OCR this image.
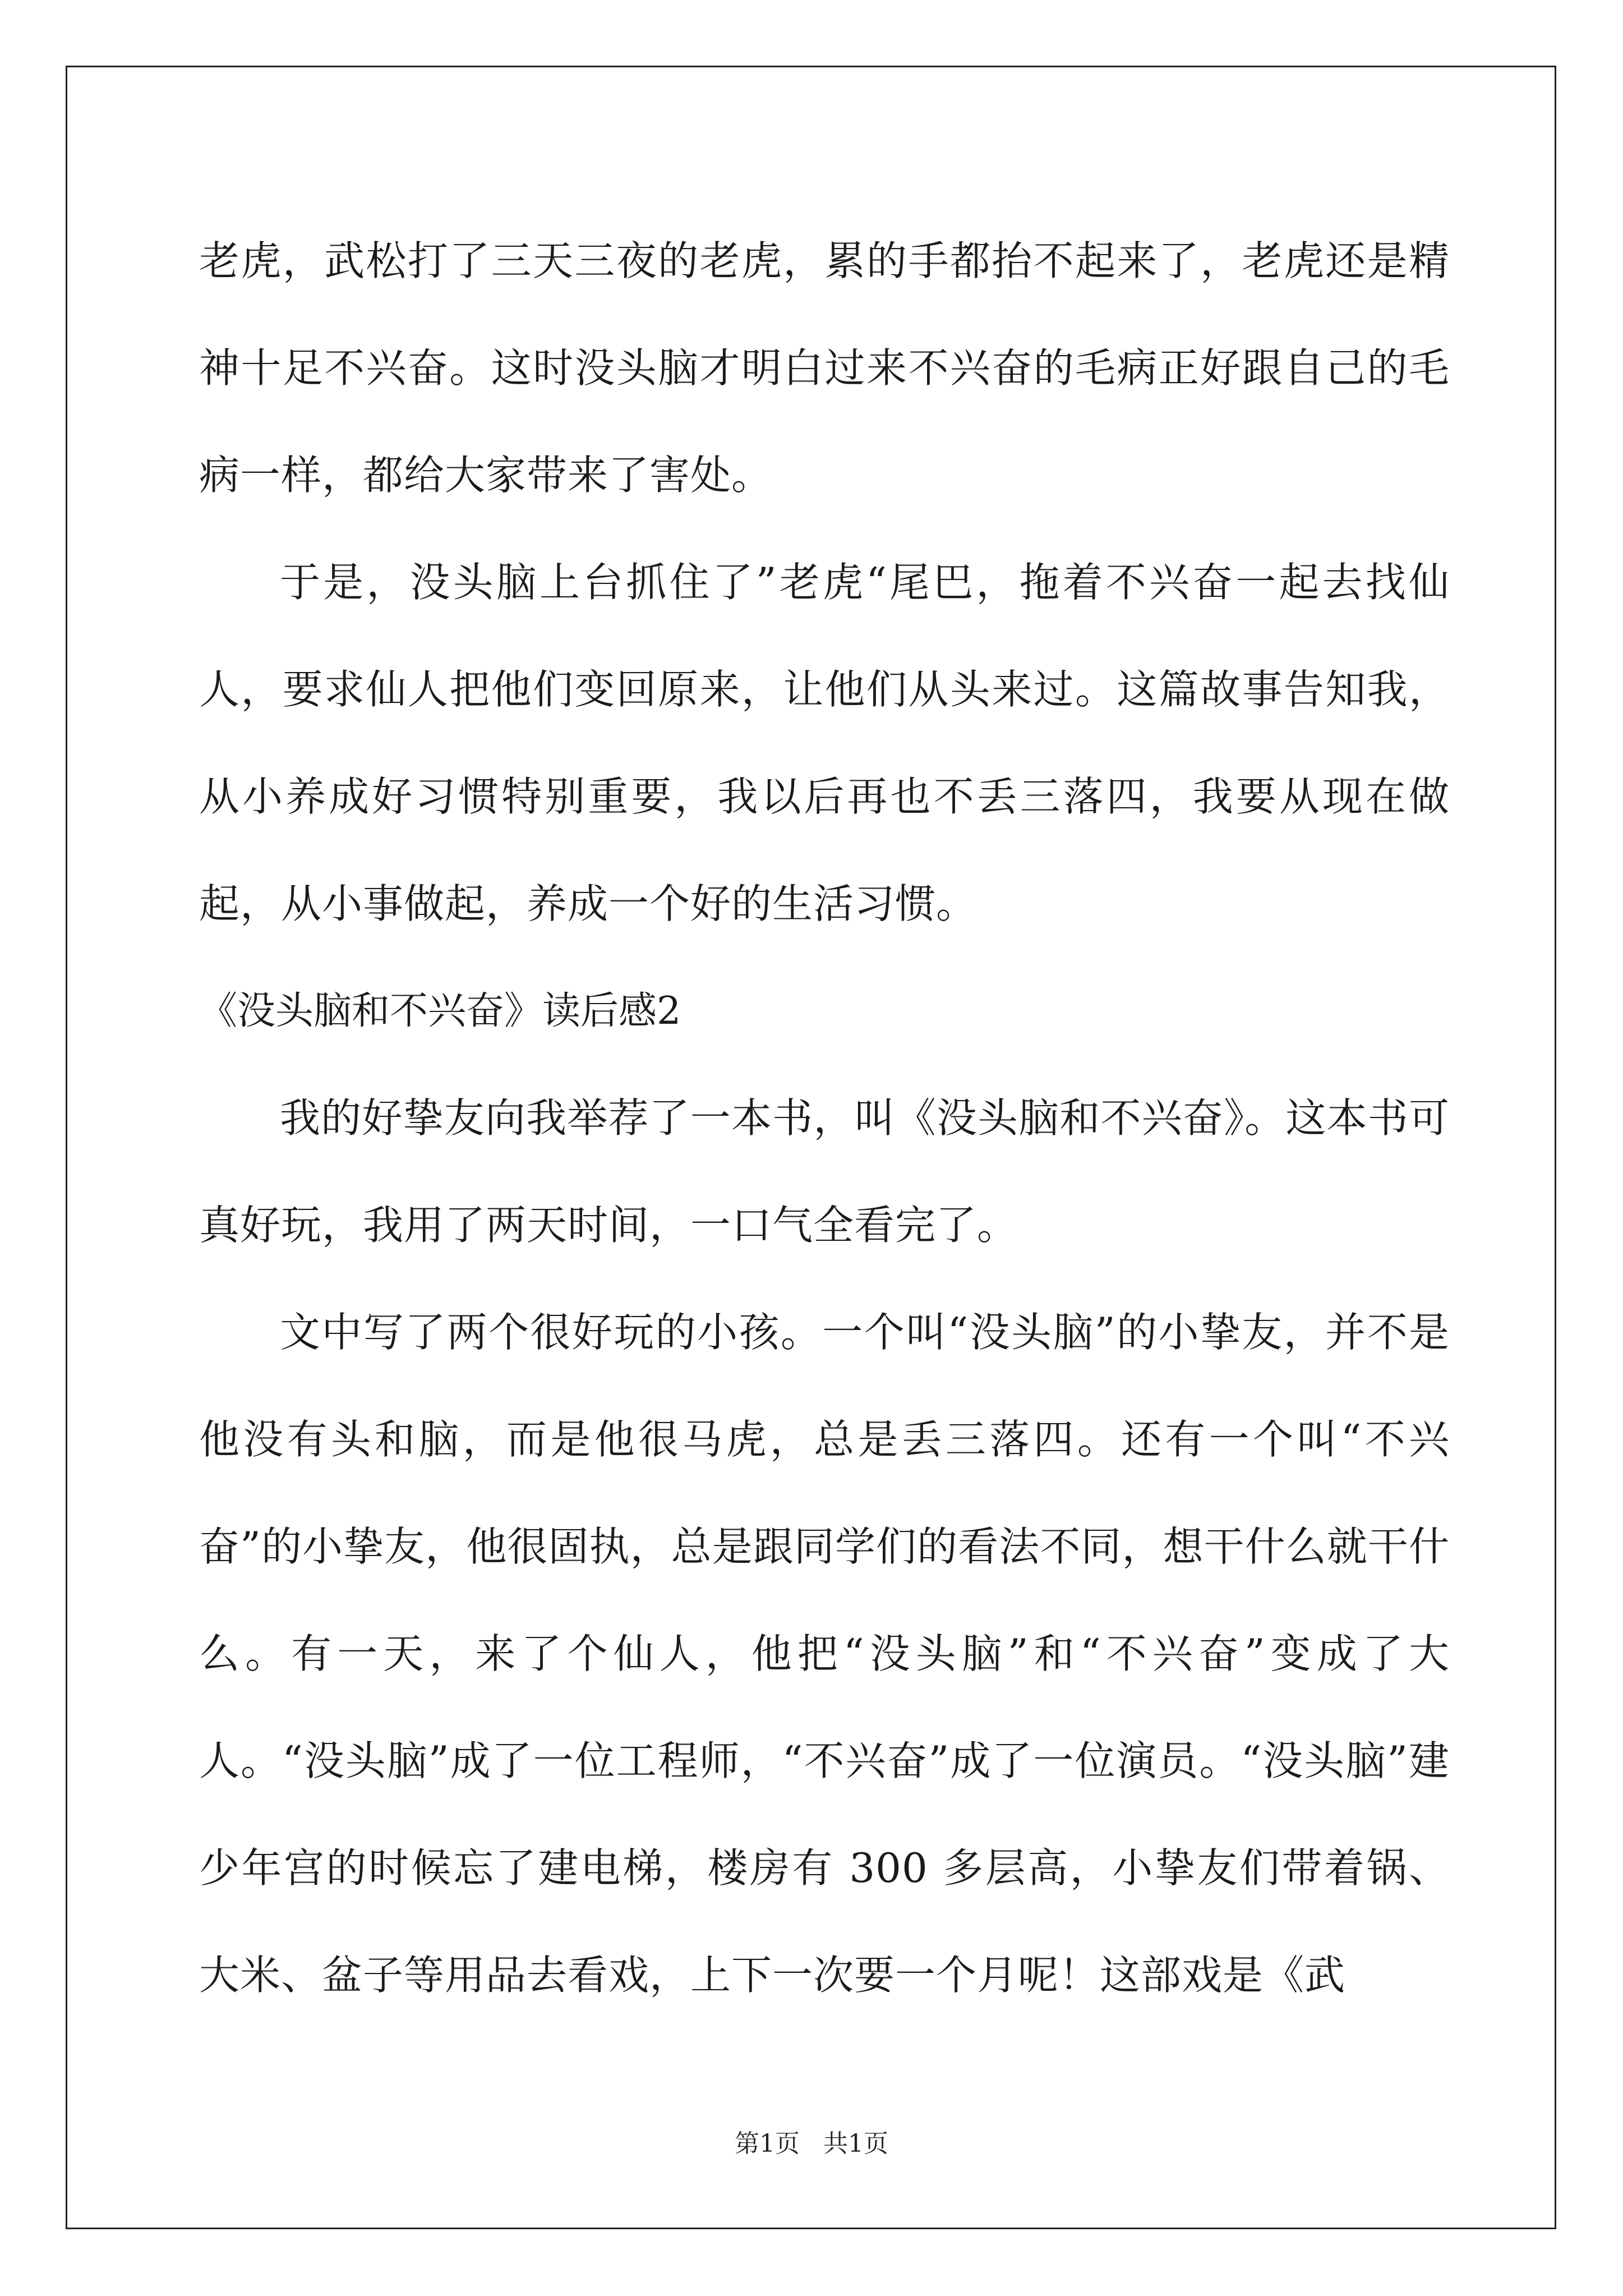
老虎，武松打了三天三夜的老虎，累的手都抬不起来了，老虎还是精神十足不兴奋。这时没头脑才明白过来不兴奋的毛病正好跟自己的毛病一样，都给大家带来了害处。

于是，没头脑上台抓住了”老虎“尾巴，拖着不兴奋一起去找仙人，要求仙人把他们变回原来，让他们从头来过。这篇故事告知我，从小养成好习惯特别重要，我以后再也不丢三落四，我要从现在做起，从小事做起，养成一个好的生活习惯。

《没头脑和不兴奋》读后感2

我的好挚友向我举荐了一本书，叫《没头脑和不兴奋》。这本书可真好玩，我用了两天时间，一口气全看完了。

文中写了两个很好玩的小孩。一个叫“没头脑”的小挚友，并不是他没有头和脑，而是他很马虎，总是丢三落四。还有一个叫“不兴奋”的小挚友，他很固执，总是跟同学们的看法不同，想干什么就干什么。有一天，来了个仙人，他把“没头脑”和“不兴奋”变成了大人。“没头脑”成了一位工程师，“不兴奋”成了一位演员。“没头脑”建少年宫的时候忘了建电梯，楼房有 300 多层高，小挚友们带着锅、大米、盆子等用品去看戏，上下一次要一个月呢！这部戏是《武

第1页   共1页
